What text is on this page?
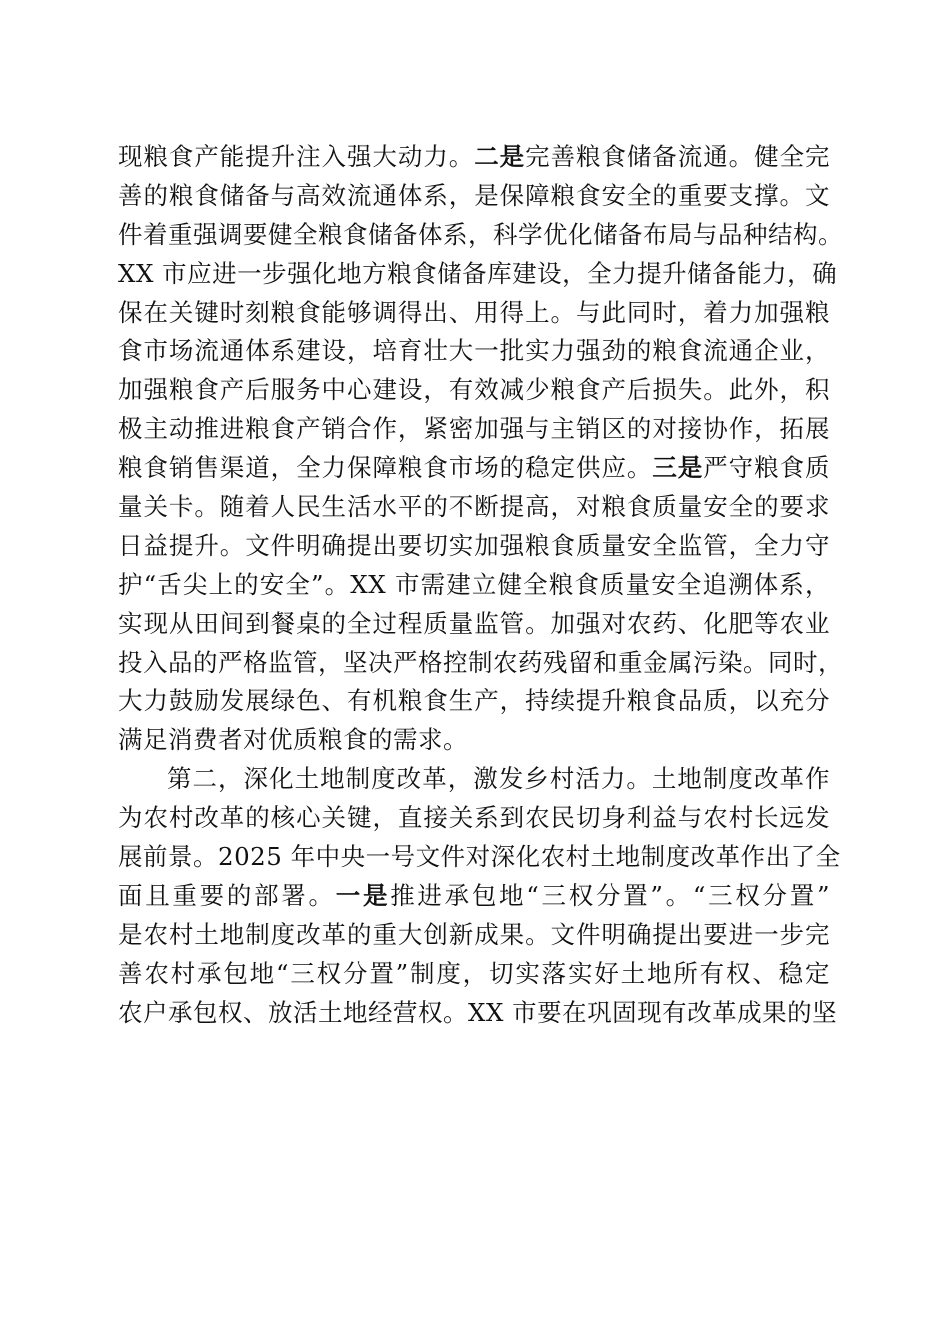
现粮食产能提升注入强大动力。二是完善粮食储备流通。健全完
善的粮食储备与高效流通体系，是保障粮食安全的重要支撑。文
件着重强调要健全粮食储备体系，科学优化储备布局与品种结构。
XX 市应进一步强化地方粮食储备库建设，全力提升储备能力，确
保在关键时刻粮食能够调得出、用得上。与此同时，着力加强粮
食市场流通体系建设，培育壮大一批实力强劲的粮食流通企业，
加强粮食产后服务中心建设，有效减少粮食产后损失。此外，积
极主动推进粮食产销合作，紧密加强与主销区的对接协作，拓展
粮食销售渠道，全力保障粮食市场的稳定供应。三是严守粮食质
量关卡。随着人民生活水平的不断提高，对粮食质量安全的要求
日益提升。文件明确提出要切实加强粮食质量安全监管，全力守
护“舌尖上的安全”。XX 市需建立健全粮食质量安全追溯体系，
实现从田间到餐桌的全过程质量监管。加强对农药、化肥等农业
投入品的严格监管，坚决严格控制农药残留和重金属污染。同时，
大力鼓励发展绿色、有机粮食生产，持续提升粮食品质，以充分
满足消费者对优质粮食的需求。
第二，深化土地制度改革，激发乡村活力。土地制度改革作
为农村改革的核心关键，直接关系到农民切身利益与农村长远发
展前景。2025 年中央一号文件对深化农村土地制度改革作出了全
面且重要的部署。一是推进承包地“三权分置”。“三权分置”
是农村土地制度改革的重大创新成果。文件明确提出要进一步完
善农村承包地“三权分置”制度，切实落实好土地所有权、稳定
农户承包权、放活土地经营权。XX 市要在巩固现有改革成果的坚
